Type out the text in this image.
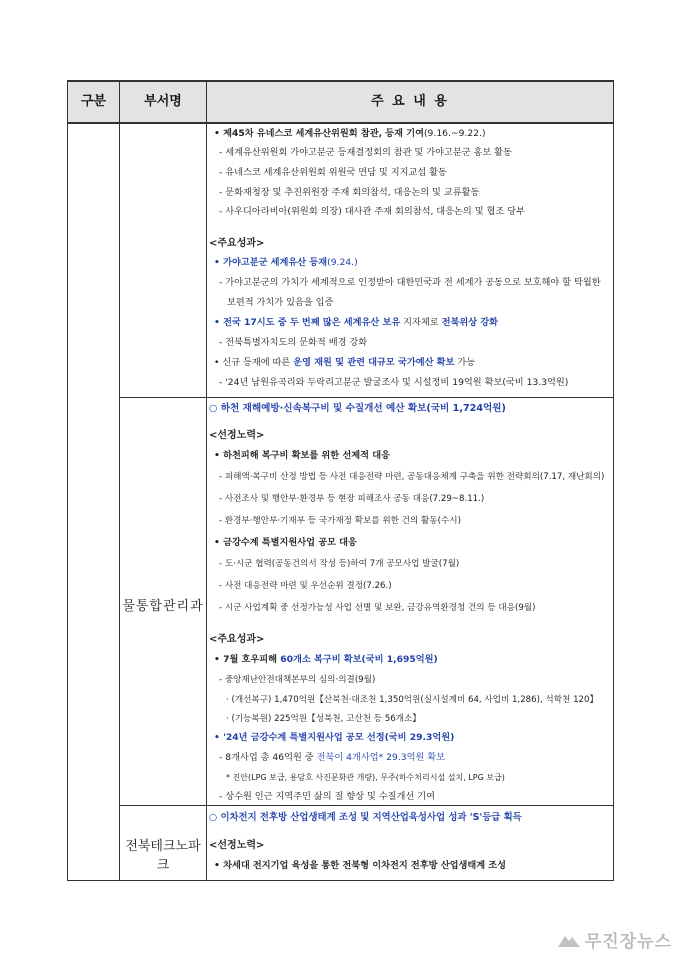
구분	부서명	주 요 내 용
물통합관리과
전북테크노파크
• 제45차 유네스코 세계유산위원회 참관, 등재 기여(9.16.~9.22.)
- 세계유산위원회 가야고분군 등재결정회의 참관 및 가야고분군 홍보 활동
- 유네스코 세계유산위원회 위원국 면담 및 지지교섭 활동
- 문화재청장 및 추진위원장 주재 회의참석, 대응논의 및 교류활동
- 사우디아라비아(위원회 의장) 대사관 주재 회의참석, 대응논의 및 협조 당부
<주요성과>
• 가야고분군 세계유산 등재(9.24.)
- 가야고분군의 가치가 세계적으로 인정받아 대한민국과 전 세계가 공동으로 보호해야 할 탁월한
보편적 가치가 있음을 입증
• 전국 17시도 중 두 번째 많은 세계유산 보유 지자체로 전북위상 강화
- 전북특별자치도의 문화적 배경 강화
• 신규 등재에 따른 운영 재원 및 관련 대규모 국가예산 확보 가능
- '24년 남원유곡리와 두락리고분군 발굴조사 및 시설정비 19억원 확보(국비 13.3억원)
○ 하천 재해예방·신속복구비 및 수질개선 예산 확보(국비 1,724억원)
<선정노력>
• 하천피해 복구비 확보를 위한 선제적 대응
- 피해액·복구비 산정 방법 등 사전 대응전략 마련, 공동대응체계 구축을 위한 전략회의(7.17, 재난회의)
- 사전조사 및 행안부·환경부 등 현장 피해조사 공동 대응(7.29~8.11.)
- 환경부·행안부·기재부 등 국가재정 확보를 위한 건의 활동(수시)
• 금강수계 특별지원사업 공모 대응
- 도·시군 협력(공동건의서 작성 등)하여 7개 공모사업 발굴(7월)
- 사전 대응전략 마련 및 우선순위 결정(7.26.)
- 시군 사업계획 중 선정가능성 사업 선별 및 보완, 금강유역환경청 건의 등 대응(9월)
<주요성과>
• 7월 호우피해 60개소 복구비 확보(국비 1,695억원)
- 중앙재난안전대책본부의 심의·의결(9월)
· (개선복구) 1,470억원【산북천·대조천 1,350억원(실시설계비 64, 사업비 1,286), 석학천 120】
· (기능복원) 225억원【성북천, 고산천 등 56개소】
• '24년 금강수계 특별지원사업 공모 선정(국비 29.3억원)
- 8개사업 총 46억원 중 전북이 4개사업* 29.3억원 확보
* 진안(LPG 보급, 용담호 사진문화관 개량), 무주(하수처리시설 설치, LPG 보급)
- 상수원 인근 지역주민 삶의 질 향상 및 수질개선 기여
○ 이차전지 전후방 산업생태계 조성 및 지역산업육성사업 성과 'S'등급 획득
<선정노력>
• 차세대 전지기업 육성을 통한 전북형 이차전지 전후방 산업생태계 조성
무진장뉴스
